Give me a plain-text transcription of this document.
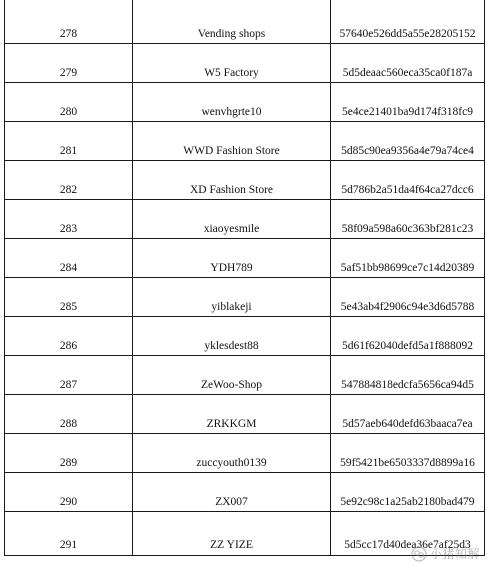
278	Vending shops	57640e526dd5a55e28205152
279	W5 Factory	5d5deaac560eca35ca0f187a
280	wenvhgrte10	5e4ce21401ba9d174f318fc9
281	WWD Fashion Store	5d85c90ea9356a4e79a74ce4
282	XD Fashion Store	5d786b2a51da4f64ca27dcc6
283	xiaoyesmile	58f09a598a60c363bf281c23
284	YDH789	5af51bb98699ce7c14d20389
285	yiblakeji	5e43ab4f2906c94e3d6d5788
286	yklesdest88	5d61f62040defd5a1f888092
287	ZeWoo-Shop	547884818edcfa5656ca94d5
288	ZRKKGM	5d57aeb640defd63baaca7ea
289	zuccyouth0139	59f5421be6503337d8899a16
290	ZX007	5e92c98c1a25ab2180bad479
291	ZZ YIZE	5d5cc17d40dea36e7af25d3
小猪知解
